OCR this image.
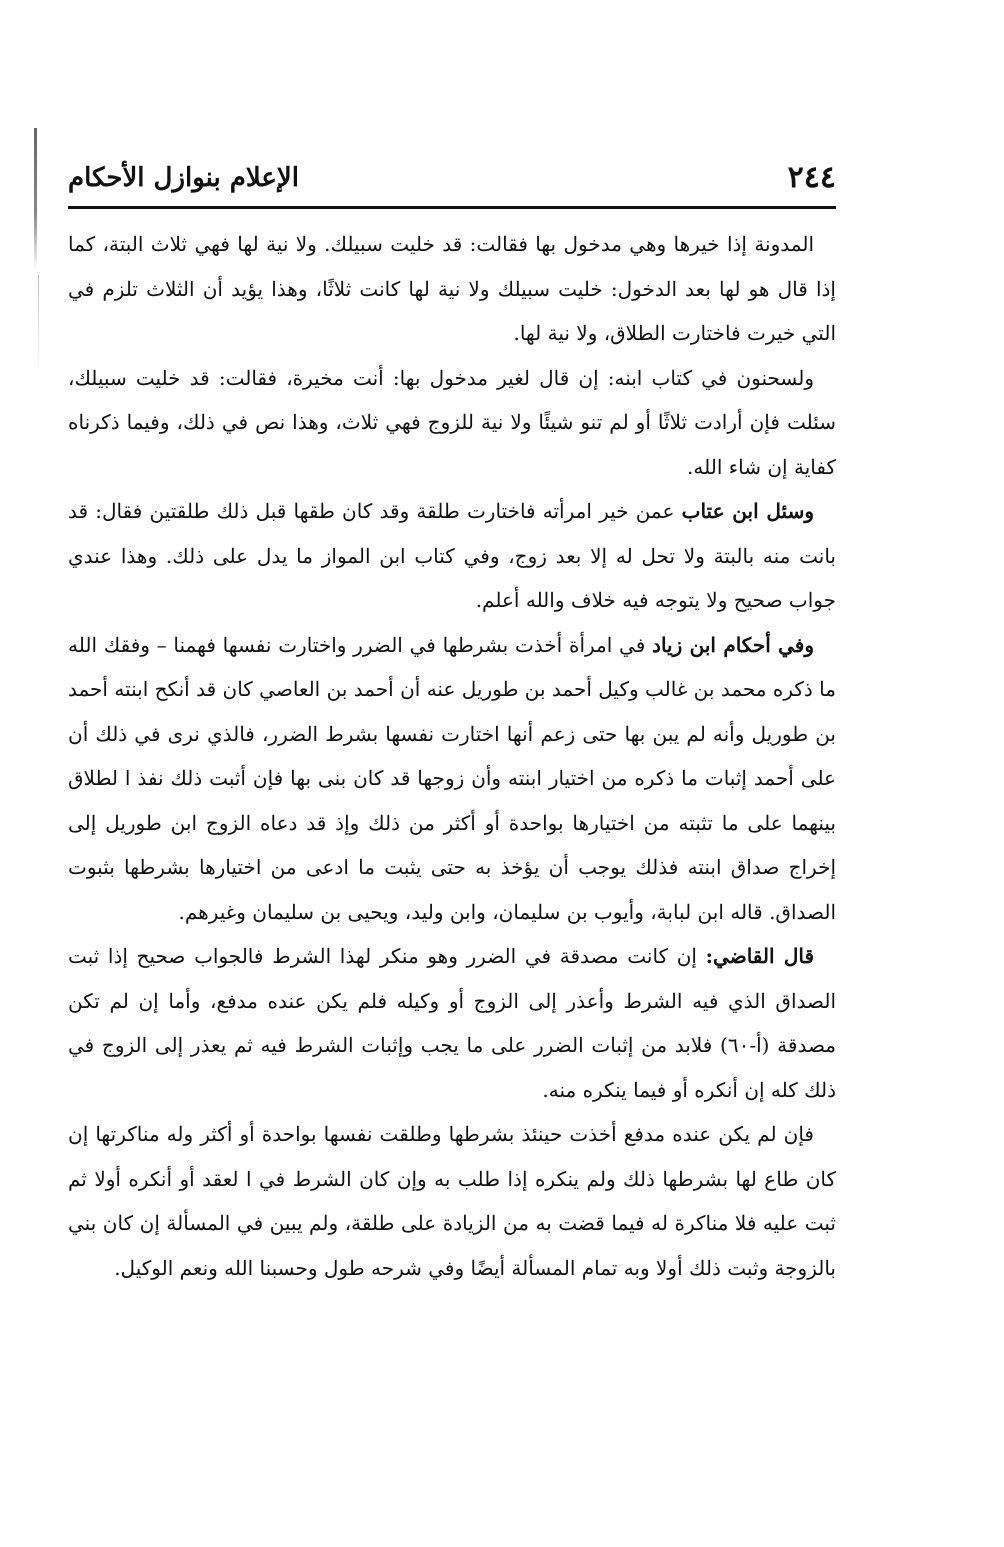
٢٤٤
الإعلام بنوازل الأحكام

المدونة إذا خيرها وهي مدخول بها فقالت: قد خليت سبيلك. ولا نية لها فهي ثلاث البتة، كما إذا قال هو لها بعد الدخول: خليت سبيلك ولا نية لها كانت ثلاثًا، وهذا يؤيد أن الثلاث تلزم في التي خيرت فاختارت الطلاق، ولا نية لها.

ولسحنون في كتاب ابنه: إن قال لغير مدخول بها: أنت مخيرة، فقالت: قد خليت سبيلك، سئلت فإن أرادت ثلاثًا أو لم تنو شيئًا ولا نية للزوج فهي ثلاث، وهذا نص في ذلك، وفيما ذكرناه كفاية إن شاء الله.

وسئل ابن عتاب عمن خير امرأته فاختارت طلقة وقد كان طقها قبل ذلك طلقتين فقال: قد بانت منه بالبتة ولا تحل له إلا بعد زوج، وفي كتاب ابن المواز ما يدل على ذلك. وهذا عندي جواب صحيح ولا يتوجه فيه خلاف والله أعلم.

وفي أحكام ابن زياد في امرأة أخذت بشرطها في الضرر واختارت نفسها فهمنا – وفقك الله ما ذكره محمد بن غالب وكيل أحمد بن طوريل عنه أن أحمد بن العاصي كان قد أنكح ابنته أحمد بن طوريل وأنه لم يبن بها حتى زعم أنها اختارت نفسها بشرط الضرر، فالذي نرى في ذلك أن على أحمد إثبات ما ذكره من اختيار ابنته وأن زوجها قد كان بنى بها فإن أثبت ذلك نفذ ا لطلاق بينهما على ما تثبته من اختيارها بواحدة أو أكثر من ذلك وإذ قد دعاه الزوج ابن طوريل إلى إخراج صداق ابنته فذلك يوجب أن يؤخذ به حتى يثبت ما ادعى من اختيارها بشرطها بثبوت الصداق. قاله ابن لبابة، وأيوب بن سليمان، وابن وليد، ويحيى بن سليمان وغيرهم.

قال القاضي: إن كانت مصدقة في الضرر وهو منكر لهذا الشرط فالجواب صحيح إذا ثبت الصداق الذي فيه الشرط وأعذر إلى الزوج أو وكيله فلم يكن عنده مدفع، وأما إن لم تكن مصدقة (أ-٦٠) فلابد من إثبات الضرر على ما يجب وإثبات الشرط فيه ثم يعذر إلى الزوج في ذلك كله إن أنكره أو فيما ينكره منه.

فإن لم يكن عنده مدفع أخذت حينئذ بشرطها وطلقت نفسها بواحدة أو أكثر وله مناكرتها إن كان طاع لها بشرطها ذلك ولم ينكره إذا طلب به وإن كان الشرط في ا لعقد أو أنكره أولا ثم ثبت عليه فلا مناكرة له فيما قضت به من الزيادة على طلقة، ولم يبين في المسألة إن كان بني بالزوجة وثبت ذلك أولا وبه تمام المسألة أيضًا وفي شرحه طول وحسبنا الله ونعم الوكيل.
